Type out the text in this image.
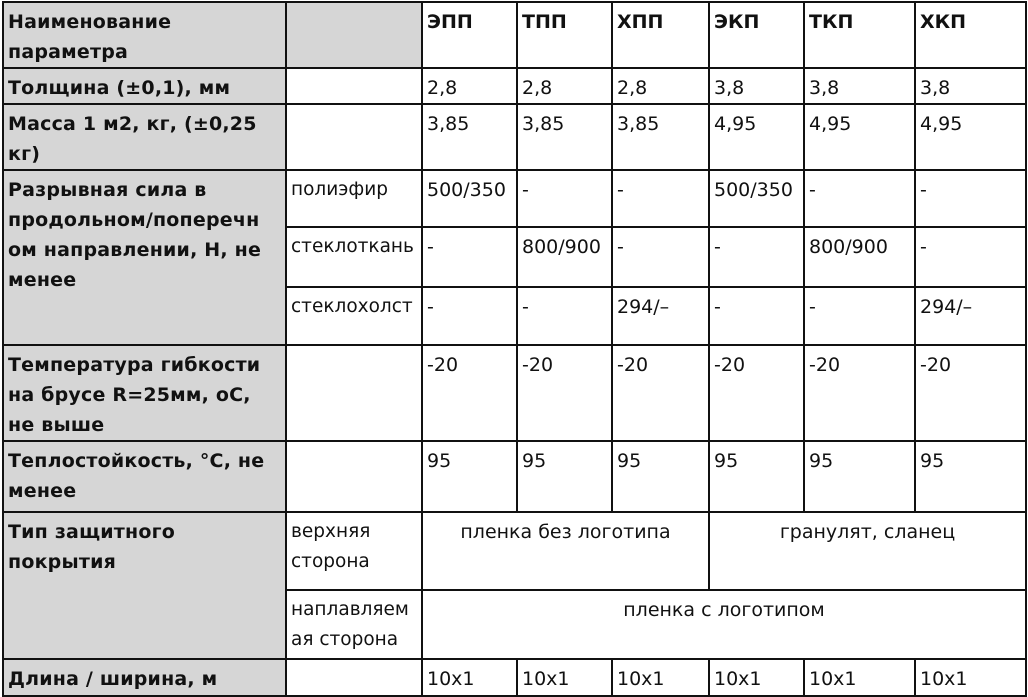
Наименование параметра		ЭПП	ТПП	ХПП	ЭКП	ТКП	ХКП
Толщина (±0,1), мм		2,8	2,8	2,8	3,8	3,8	3,8
Масса 1 м2, кг, (±0,25 кг)		3,85	3,85	3,85	4,95	4,95	4,95
Разрывная сила в продольном/поперечн ом направлении, Н, не менее	полиэфир	500/350	-	-	500/350	-	-
	стеклоткань	-	800/900	-	-	800/900	-
	стеклохолст	-	-	294/–	-	-	294/–
Температура гибкости на брусе R=25мм, оС, не выше		-20	-20	-20	-20	-20	-20
Теплостойкость, °С, не менее		95	95	95	95	95	95
Тип защитного покрытия	верхняя сторона	пленка без логотипа			гранулят, сланец		
	наплавляем ая сторона	пленка с логотипом					
Длина / ширина, м		10x1	10x1	10x1	10x1	10x1	10x1
